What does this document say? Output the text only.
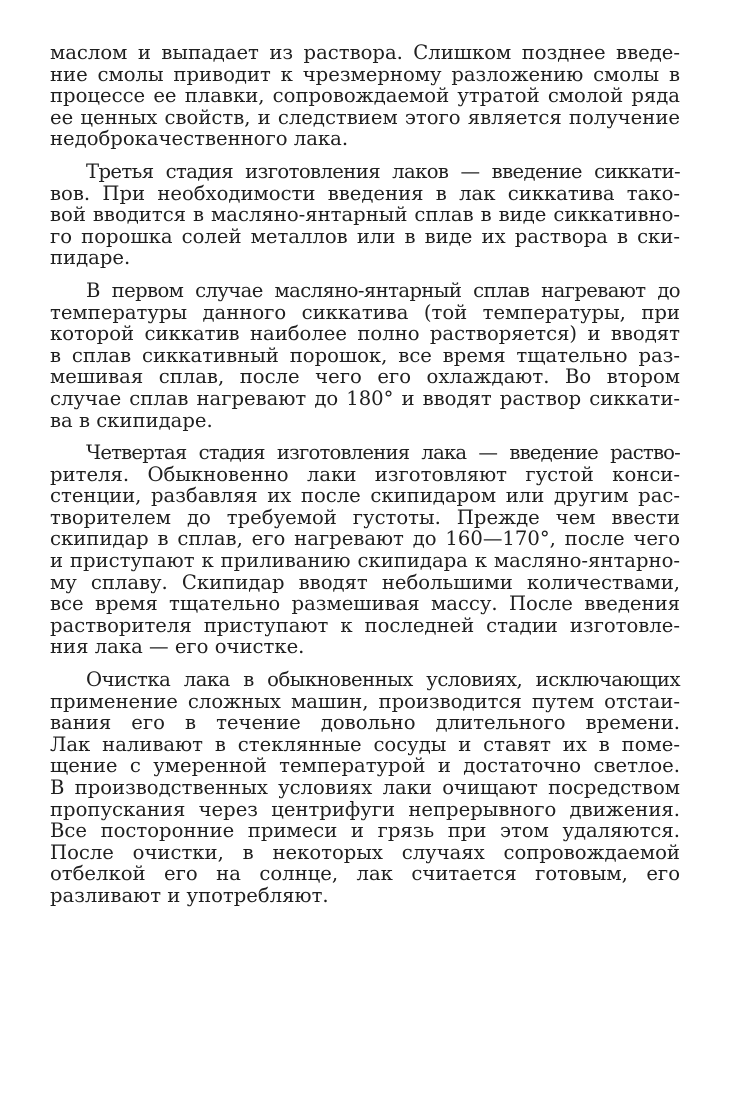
маслом и выпадает из раствора. Слишком позднее введе-
ние смолы приводит к чрезмерному разложению смолы в
процессе ее плавки, сопровождаемой утратой смолой ряда
ее ценных свойств, и следствием этого является получение
недоброкачественного лака.
Третья стадия изготовления лаков — введение сиккати-
вов. При необходимости введения в лак сиккатива тако-
вой вводится в масляно-янтарный сплав в виде сиккативно-
го порошка солей металлов или в виде их раствора в ски-
пидаре.
В первом случае масляно-янтарный сплав нагревают до
температуры данного сиккатива (той температуры, при
которой сиккатив наиболее полно растворяется) и вводят
в сплав сиккативный порошок, все время тщательно раз-
мешивая сплав, после чего его охлаждают. Во втором
случае сплав нагревают до 180° и вводят раствор сиккати-
ва в скипидаре.
Четвертая стадия изготовления лака — введение раство-
рителя. Обыкновенно лаки изготовляют густой конси-
стенции, разбавляя их после скипидаром или другим рас-
творителем до требуемой густоты. Прежде чем ввести
скипидар в сплав, его нагревают до 160—170°, после чего
и приступают к приливанию скипидара к масляно-янтарно-
му сплаву. Скипидар вводят небольшими количествами,
все время тщательно размешивая массу. После введения
растворителя приступают к последней стадии изготовле-
ния лака — его очистке.
Очистка лака в обыкновенных условиях, исключающих
применение сложных машин, производится путем отстаи-
вания его в течение довольно длительного времени.
Лак наливают в стеклянные сосуды и ставят их в поме-
щение с умеренной температурой и достаточно светлое.
В производственных условиях лаки очищают посредством
пропускания через центрифуги непрерывного движения.
Все посторонние примеси и грязь при этом удаляются.
После очистки, в некоторых случаях сопровождаемой
отбелкой его на солнце, лак считается готовым, его
разливают и употребляют.
